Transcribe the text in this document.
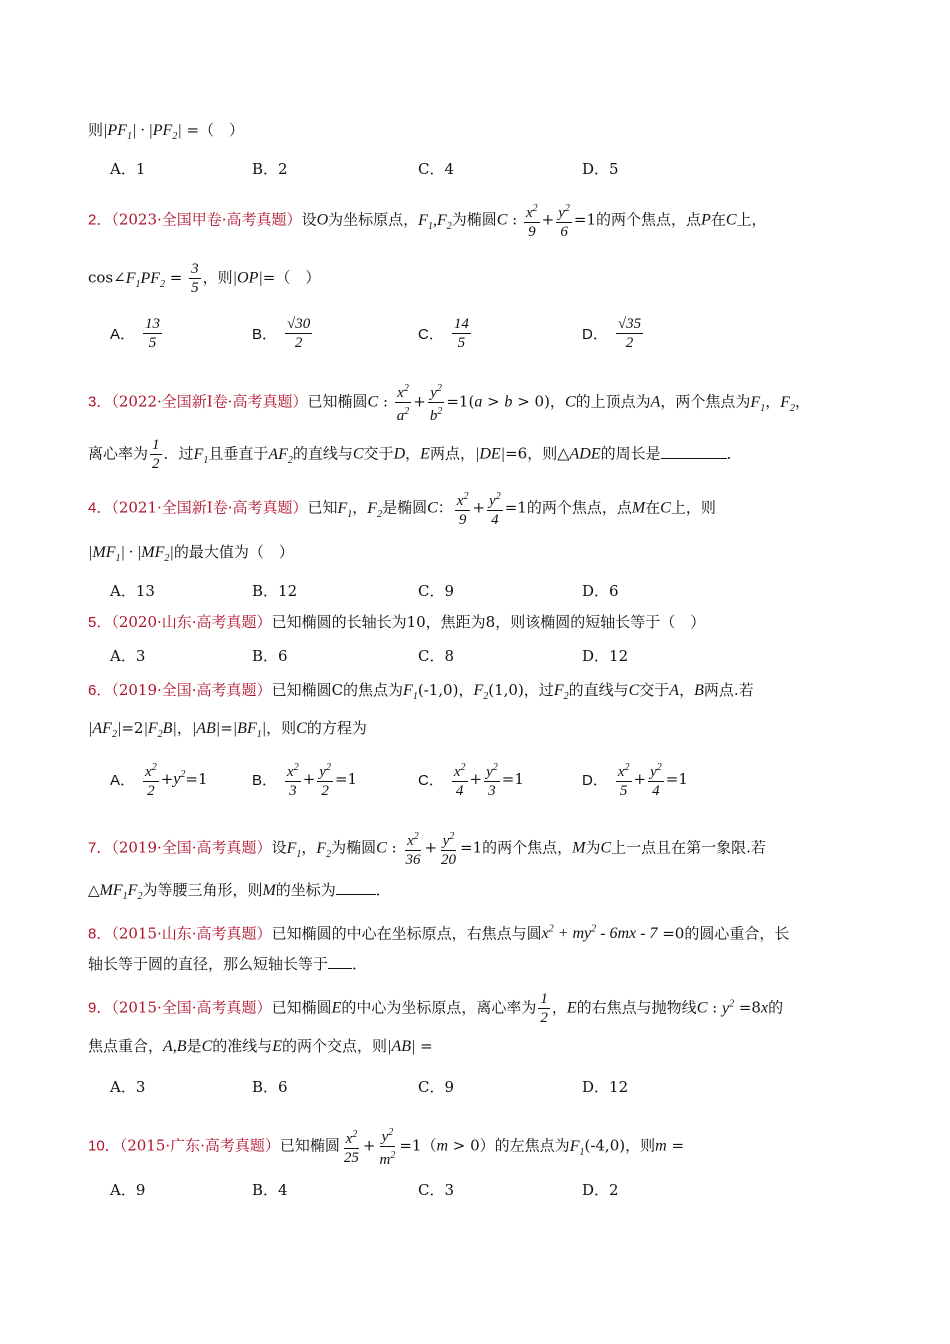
则$|PF_1| \cdot |PF_2|$ =（　）
A．1	B．2	C．4	D．5
2．（2023·全国甲卷·高考真题）设O为坐标原点，$F_1,F_2$为椭圆C : $\frac{x^2}{9} + \frac{y^2}{6} =1$的两个焦点，点P在C上，
$\cos\angle F_1PF_2 = \frac{3}{5}$ ，则|OP|=（　）
A． $\frac{13}{5}$	B． $\frac{√30}{2}$	C． $\frac{14}{5}$	D． $\frac{√35}{2}$
3．（2022·全国新Ⅰ卷·高考真题）已知椭圆C : $\frac{x^2}{a^2} + \frac{y^2}{b^2} =1(a > b > 0)$，C的上顶点为A，两个焦点为$F_1$，$F_2$，
离心率为 $\frac{1}{2}$ ．过$F_1$且垂直于$AF_2$的直线与C交于D，E两点，|DE|=6，则△ADE的周长是	．
4．（2021·全国新Ⅰ卷·高考真题）已知$F_1$，$F_2$是椭圆C： $\frac{x^2}{9} + \frac{y^2}{4} =1$的两个焦点，点M在C上，则
$|MF_1| \cdot |MF_2|$的最大值为（　）
A．13	B．12	C．9	D．6
5．（2020·山东·高考真题）已知椭圆的长轴长为10，焦距为8，则该椭圆的短轴长等于（　）
A．3	B．6	C．8	D．12
6．（2019·全国·高考真题）已知椭圆C的焦点为$F_1(-1,0)$，$F_2(1,0)$，过$F_2$的直线与C交于A，B两点.若
$|AF_2|=2|F_2B|$，$|AB|=|BF_1|$，则C的方程为
A． $\frac{x^2}{2} + y^2 =1$	B． $\frac{x^2}{3} + \frac{y^2}{2} =1$	C． $\frac{x^2}{4} + \frac{y^2}{3} =1$	D． $\frac{x^2}{5} + \frac{y^2}{4} =1$
7．（2019·全国·高考真题）设$F_1$，$F_2$为椭圆C : $\frac{x^2}{36} + \frac{y^2}{20} =1$的两个焦点，M为C上一点且在第一象限.若
$\triangle MF_1F_2$为等腰三角形，则M的坐标为	．
8．（2015·山东·高考真题）已知椭圆的中心在坐标原点，右焦点与圆$x^2 + my^2 - 6mx - 7 =0$的圆心重合，长
轴长等于圆的直径，那么短轴长等于 ．
9．（2015·全国·高考真题）已知椭圆E的中心为坐标原点，离心率为 $\frac{1}{2}$ ，E的右焦点与抛物线C : $y^2 =8x$的
焦点重合，A,B是C的准线与E的两个交点，则|AB| =
A．3	B．6	C．9	D．12
10．（2015·广东·高考真题）已知椭圆 $\frac{x^2}{25} + \frac{y^2}{m^2} =1(m > 0)$的左焦点为$F_1(-4,0)$，则m =
A．9	B．4	C．3	D．2
